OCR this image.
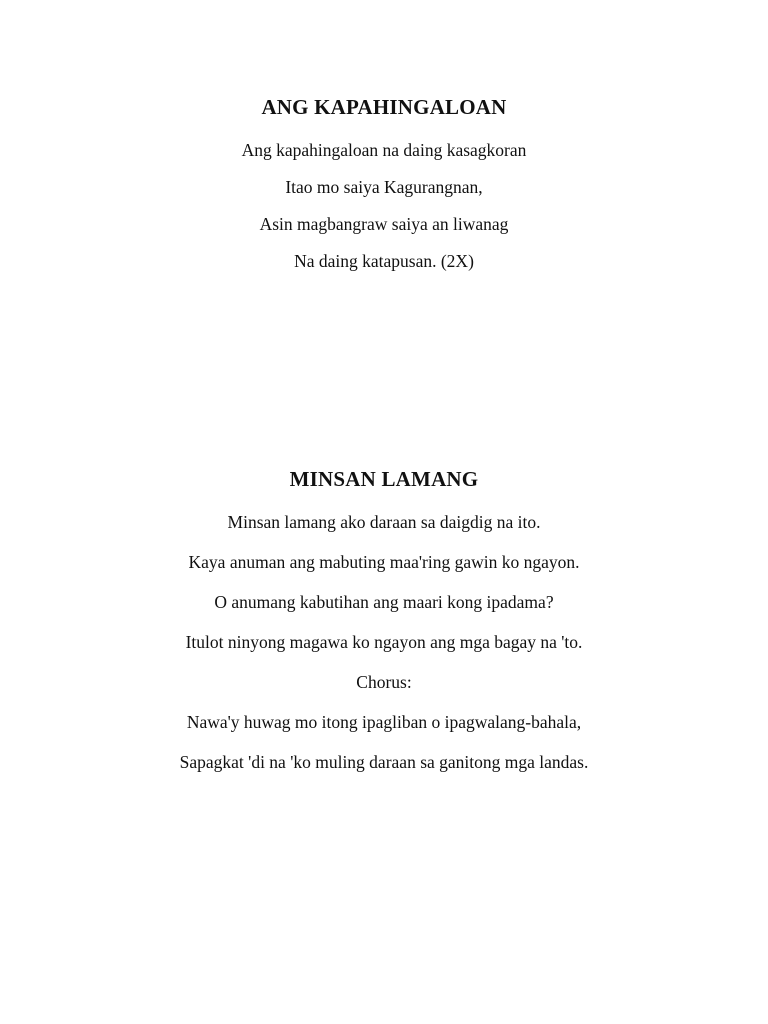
ANG KAPAHINGALOAN

Ang kapahingaloan na daing kasagkoran

Itao mo saiya Kagurangnan,

Asin magbangraw saiya an liwanag

Na daing katapusan. (2X)

MINSAN LAMANG

Minsan lamang ako daraan sa daigdig na ito.

Kaya anuman ang mabuting maa'ring gawin ko ngayon.

O anumang kabutihan ang maari kong ipadama?

Itulot ninyong magawa ko ngayon ang mga bagay na 'to.

Chorus:

Nawa'y huwag mo itong ipagliban o ipagwalang-bahala,

Sapagkat 'di na 'ko muling daraan sa ganitong mga landas.
